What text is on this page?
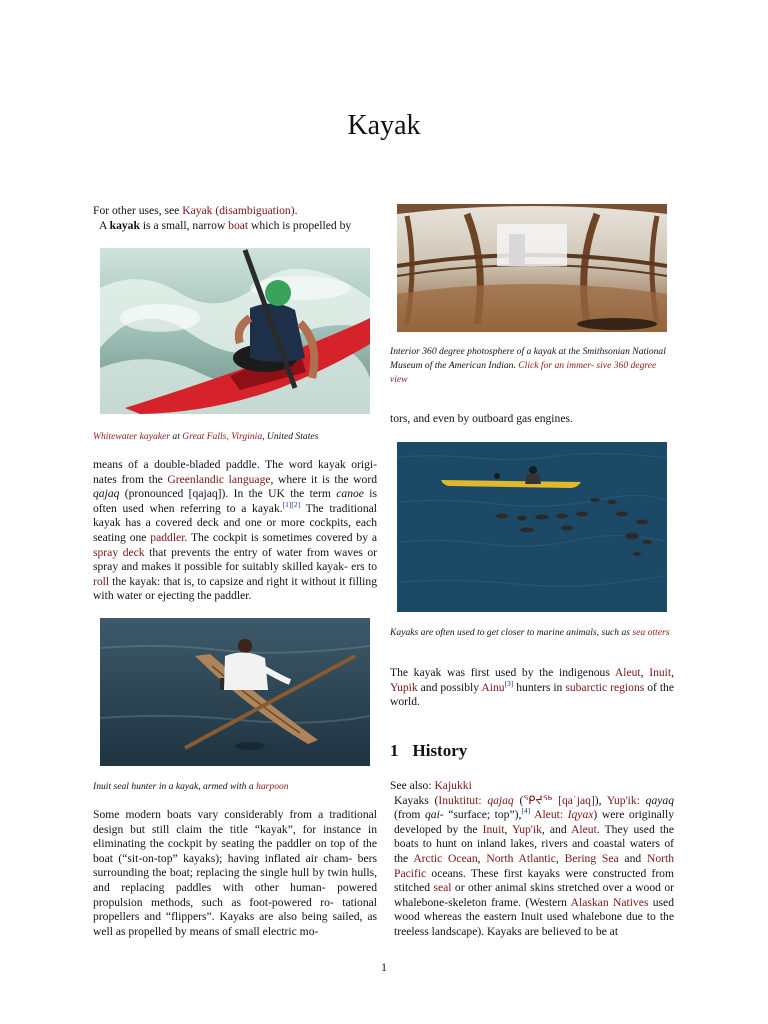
Kayak

For other uses, see Kayak (disambiguation).

A kayak is a small, narrow boat which is propelled by

Whitewater kayaker at Great Falls, Virginia, United States

means of a double-bladed paddle. The word kayak origi- nates from the Greenlandic language, where it is the word qajaq (pronounced [qajaq]). In the UK the term canoe is often used when referring to a kayak.[1][2] The traditional kayak has a covered deck and one or more cockpits, each seating one paddler. The cockpit is sometimes covered by a spray deck that prevents the entry of water from waves or spray and makes it possible for suitably skilled kayak- ers to roll the kayak: that is, to capsize and right it without it filling with water or ejecting the paddler.

Inuit seal hunter in a kayak, armed with a harpoon

Some modern boats vary considerably from a traditional design but still claim the title “kayak”, for instance in eliminating the cockpit by seating the paddler on top of the boat (“sit-on-top” kayaks); having inflated air cham- bers surrounding the boat; replacing the single hull by twin hulls, and replacing paddles with other human- powered propulsion methods, such as foot-powered ro- tational propellers and “flippers”. Kayaks are also being sailed, as well as propelled by means of small electric mo-

Interior 360 degree photosphere of a kayak at the Smithsonian National Museum of the American Indian. Click for an immer- sive 360 degree view

tors, and even by outboard gas engines.

Kayaks are often used to get closer to marine animals, such as sea otters

The kayak was first used by the indigenous Aleut, Inuit, Yupik and possibly Ainu[3] hunters in subarctic regions of the world.

1 History

See also: Kajukki

Kayaks (Inuktitut: qajaq (ᕿᔪᖅ [qaˈjaq]), Yup'ik: qayaq (from qai- “surface; top”),[4] Aleut: Iqyax) were originally developed by the Inuit, Yup'ik, and Aleut. They used the boats to hunt on inland lakes, rivers and coastal waters of the Arctic Ocean, North Atlantic, Bering Sea and North Pacific oceans. These first kayaks were constructed from stitched seal or other animal skins stretched over a wood or whalebone-skeleton frame. (Western Alaskan Natives used wood whereas the eastern Inuit used whalebone due to the treeless landscape). Kayaks are believed to be at

1
